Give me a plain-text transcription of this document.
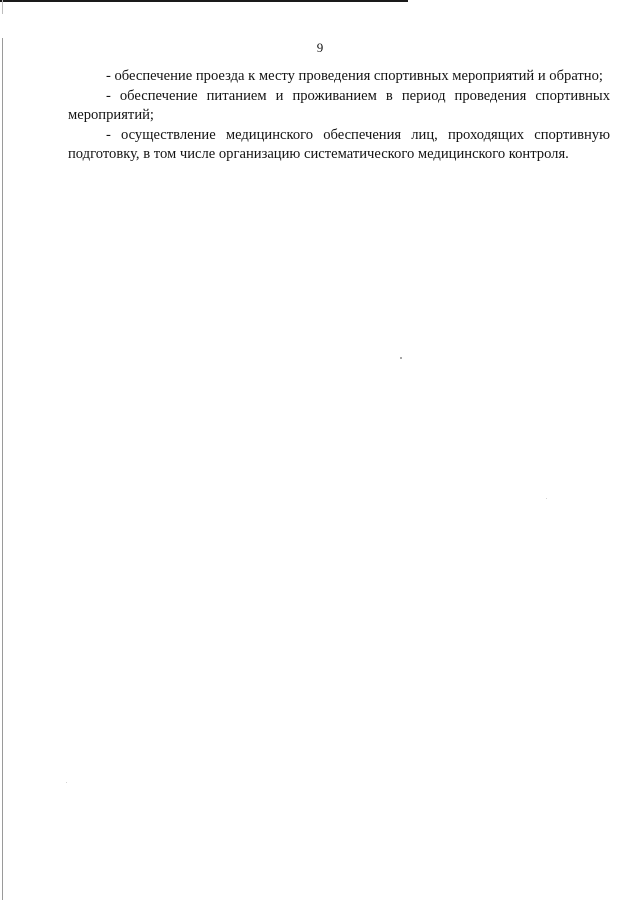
9

- обеспечение проезда к месту проведения спортивных мероприятий и обратно;

- обеспечение питанием и проживанием в период проведения спортивных мероприятий;

- осуществление медицинского обеспечения лиц, проходящих спортивную подготовку, в том числе организацию систематического медицинского контроля.
